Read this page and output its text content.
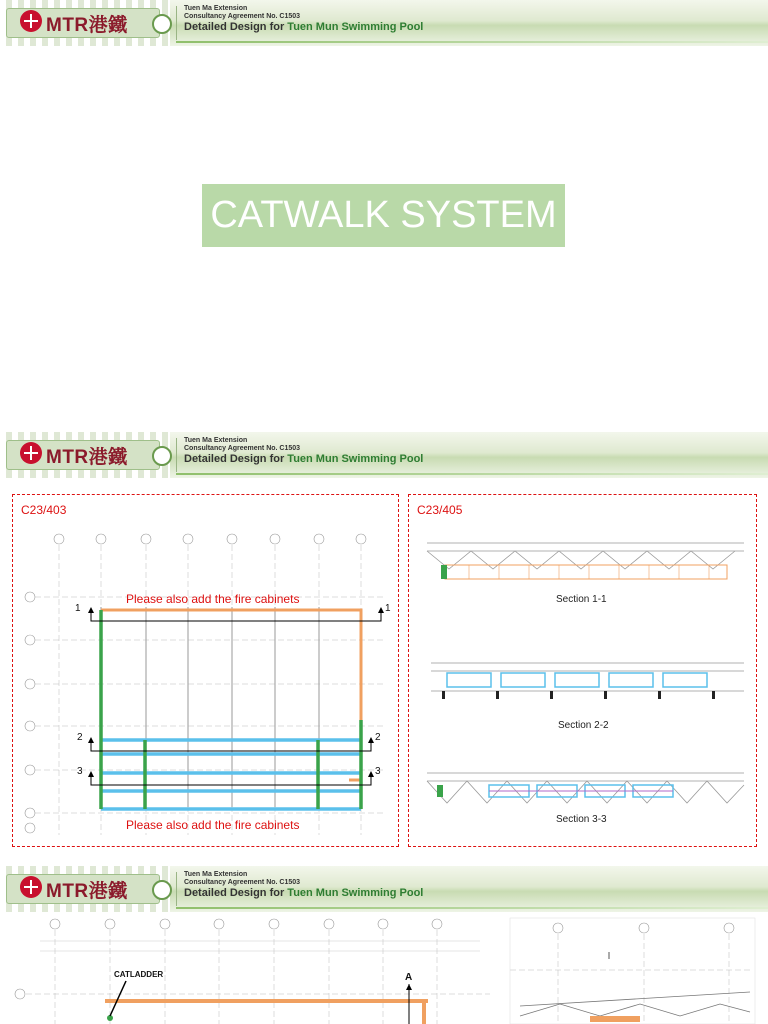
MTR港鐵
Tuen Ma Extension
Consultancy Agreement No. C1503
Detailed Design for Tuen Mun Swimming Pool
CATWALK SYSTEM
MTR港鐵
Tuen Ma Extension
Consultancy Agreement No. C1503
Detailed Design for Tuen Mun Swimming Pool
C23/403
Please also add the fire cabinets
Please also add the fire cabinets
1	1
2	2
3	3
C23/405
Section 1-1
Section 2-2
Section 3-3
MTR港鐵
Tuen Ma Extension
Consultancy Agreement No. C1503
Detailed Design for Tuen Mun Swimming Pool
CATLADDER	A
